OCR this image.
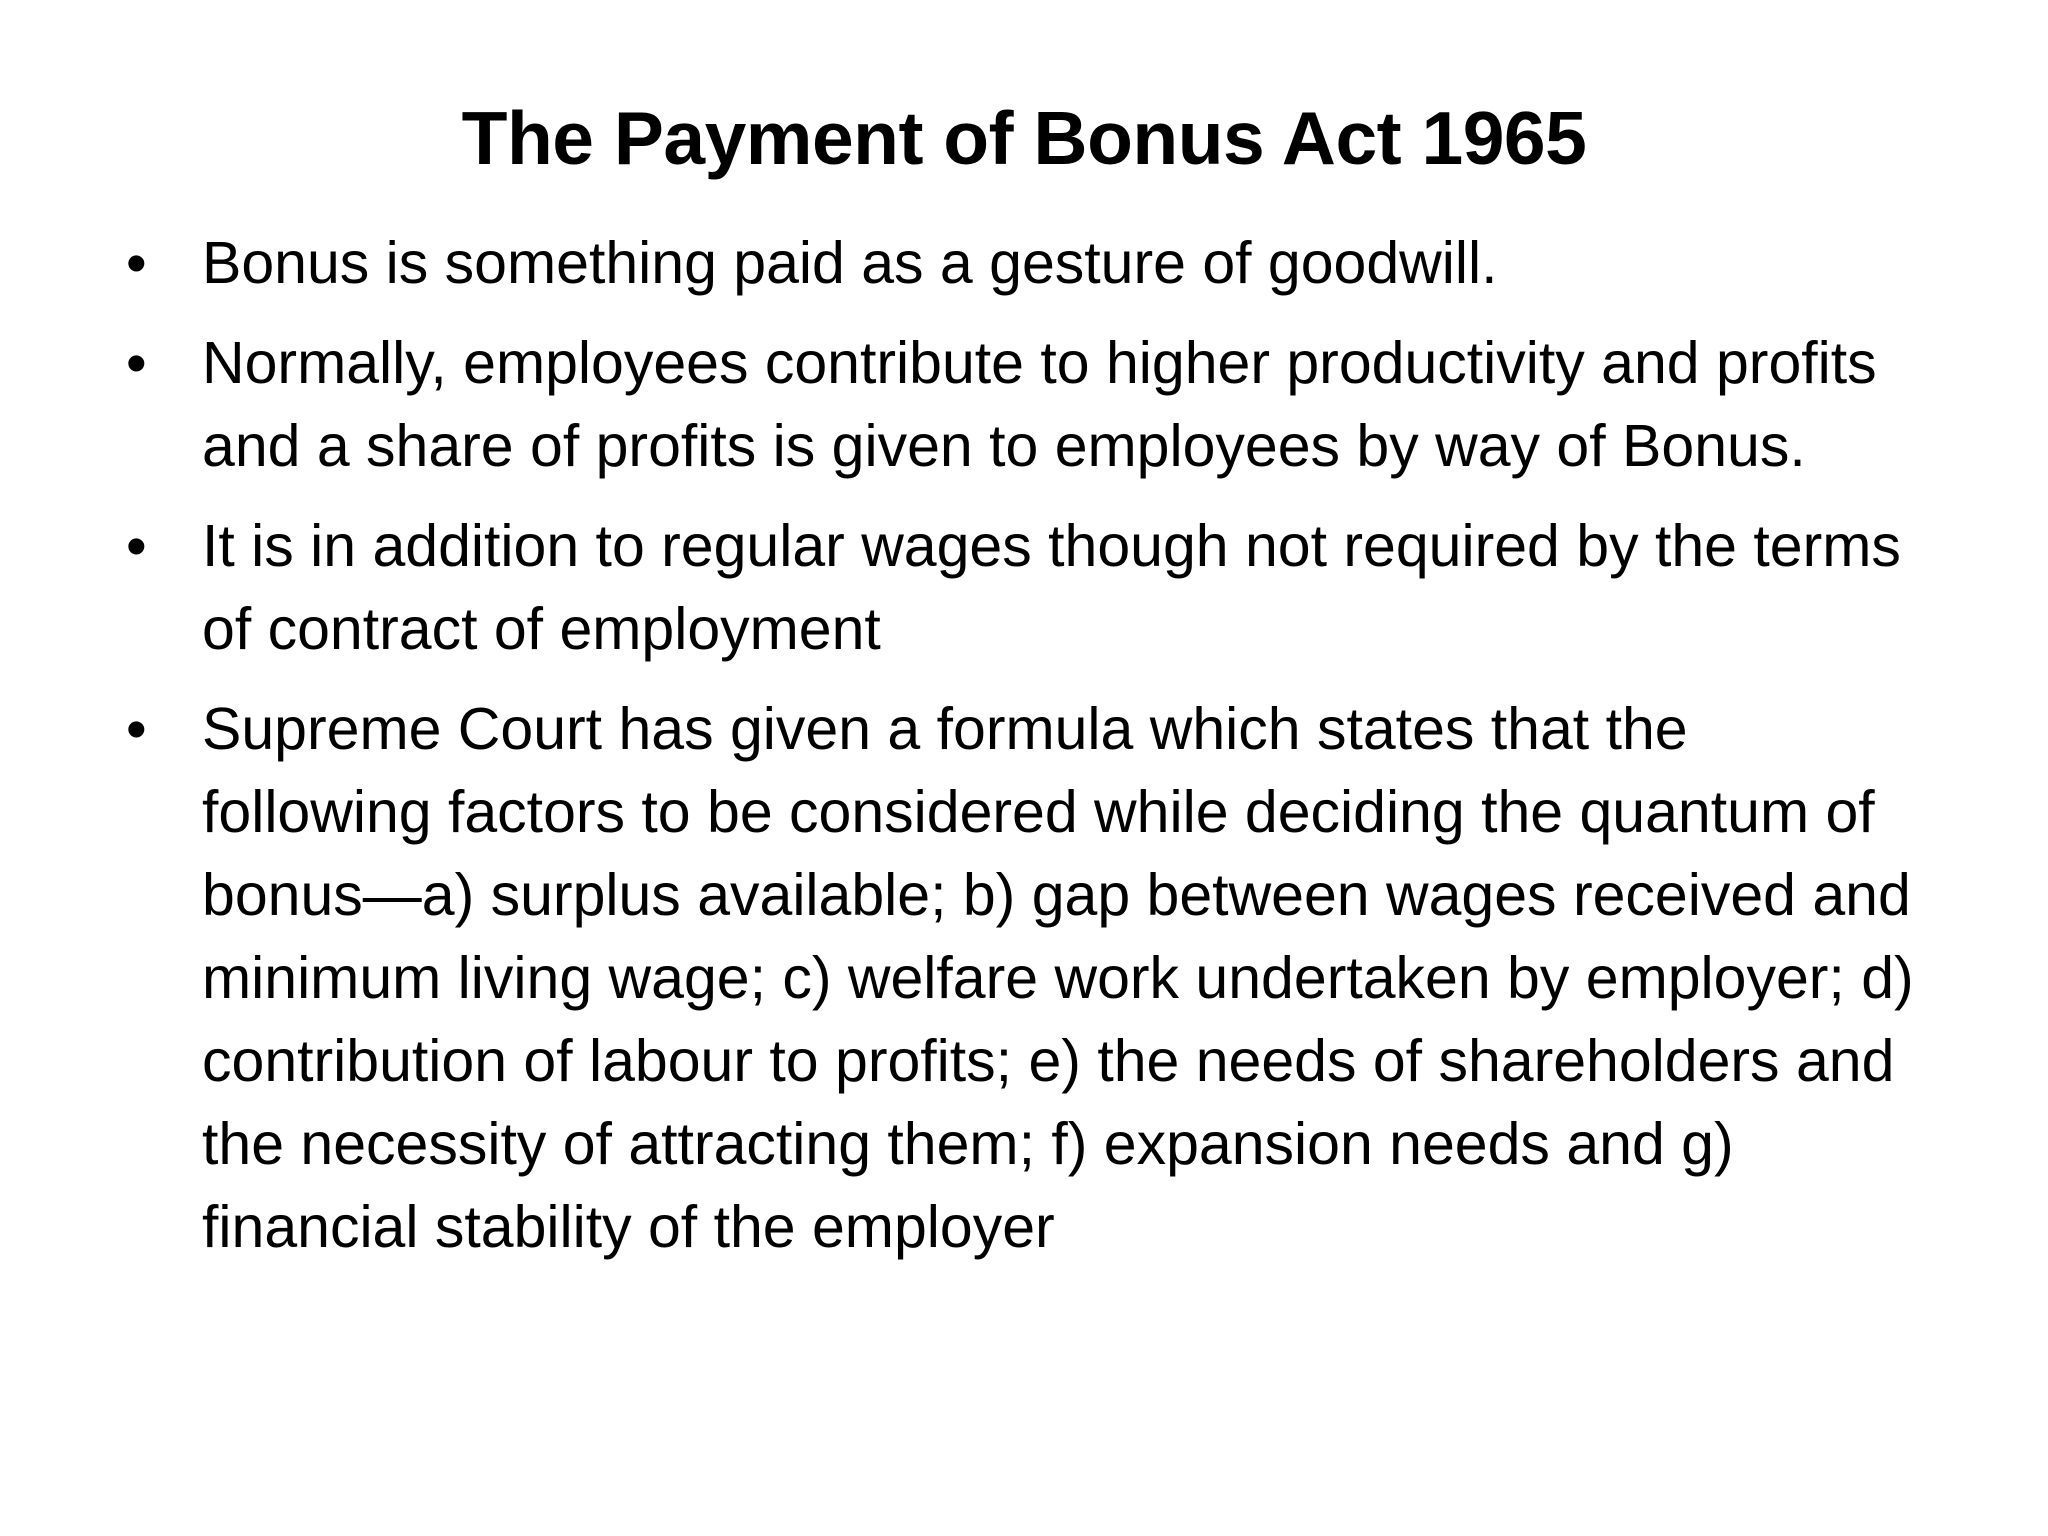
The Payment of Bonus Act 1965
• Bonus is something paid as a gesture of goodwill.
• Normally, employees contribute to higher productivity and profits and a share of profits is given to employees by way of Bonus.
• It is in addition to regular wages though not required by the terms of contract of employment
• Supreme Court has given a formula which states that the following factors to be considered while deciding the quantum of bonus—a) surplus available; b) gap between wages received and minimum living wage; c) welfare work undertaken by employer; d) contribution of labour to profits; e) the needs of shareholders and the necessity of attracting them; f) expansion needs and g) financial stability of the employer
